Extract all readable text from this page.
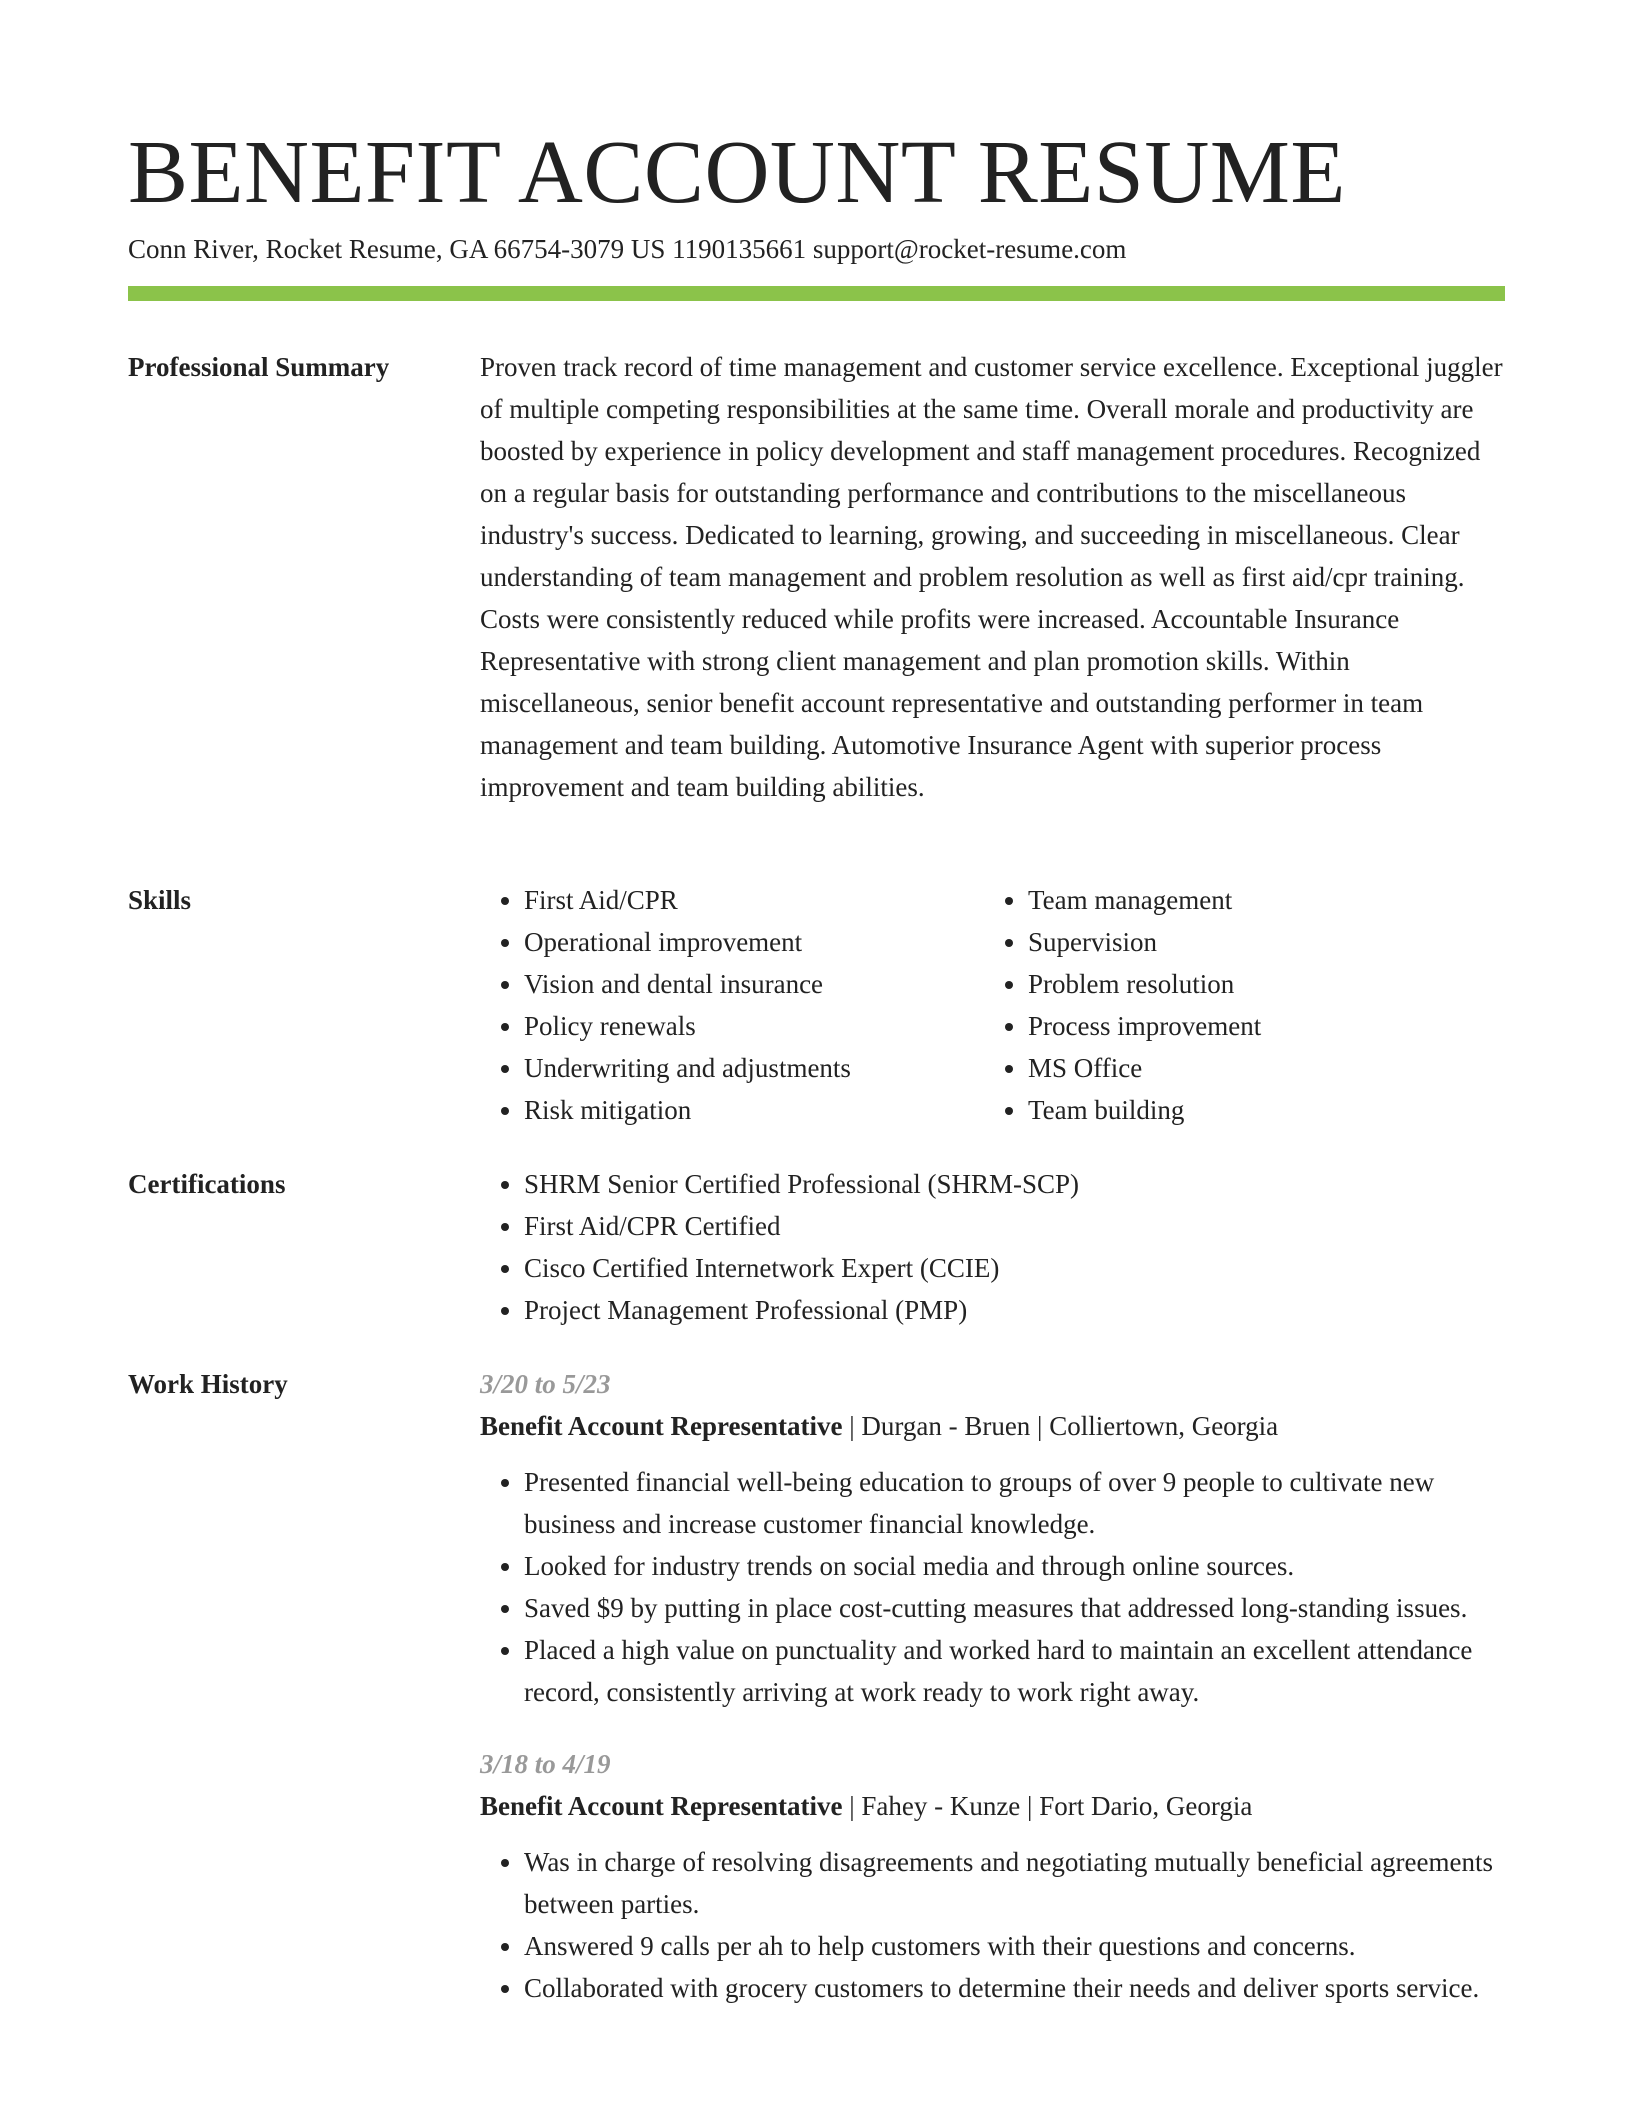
BENEFIT ACCOUNT RESUME
Conn River, Rocket Resume, GA 66754-3079 US 1190135661 support@rocket-resume.com
Professional Summary	Proven track record of time management and customer service excellence. Exceptional juggler of multiple competing responsibilities at the same time. Overall morale and productivity are boosted by experience in policy development and staff management procedures. Recognized on a regular basis for outstanding performance and contributions to the miscellaneous industry's success. Dedicated to learning, growing, and succeeding in miscellaneous. Clear understanding of team management and problem resolution as well as first aid/cpr training. Costs were consistently reduced while profits were increased. Accountable Insurance Representative with strong client management and plan promotion skills. Within miscellaneous, senior benefit account representative and outstanding performer in team management and team building. Automotive Insurance Agent with superior process improvement and team building abilities.

Skills	• First Aid/CPR
• Operational improvement
• Vision and dental insurance
• Policy renewals
• Underwriting and adjustments
• Risk mitigation
• Team management
• Supervision
• Problem resolution
• Process improvement
• MS Office
• Team building
Certifications	• SHRM Senior Certified Professional (SHRM-SCP)
• First Aid/CPR Certified
• Cisco Certified Internetwork Expert (CCIE)
• Project Management Professional (PMP)
Work History	3/20 to 5/23
Benefit Account Representative | Durgan - Bruen | Colliertown, Georgia
• Presented financial well-being education to groups of over 9 people to cultivate new business and increase customer financial knowledge.
• Looked for industry trends on social media and through online sources.
• Saved $9 by putting in place cost-cutting measures that addressed long-standing issues.
• Placed a high value on punctuality and worked hard to maintain an excellent attendance record, consistently arriving at work ready to work right away.
3/18 to 4/19
Benefit Account Representative | Fahey - Kunze | Fort Dario, Georgia
• Was in charge of resolving disagreements and negotiating mutually beneficial agreements between parties.
• Answered 9 calls per ah to help customers with their questions and concerns.
• Collaborated with grocery customers to determine their needs and deliver sports service.
